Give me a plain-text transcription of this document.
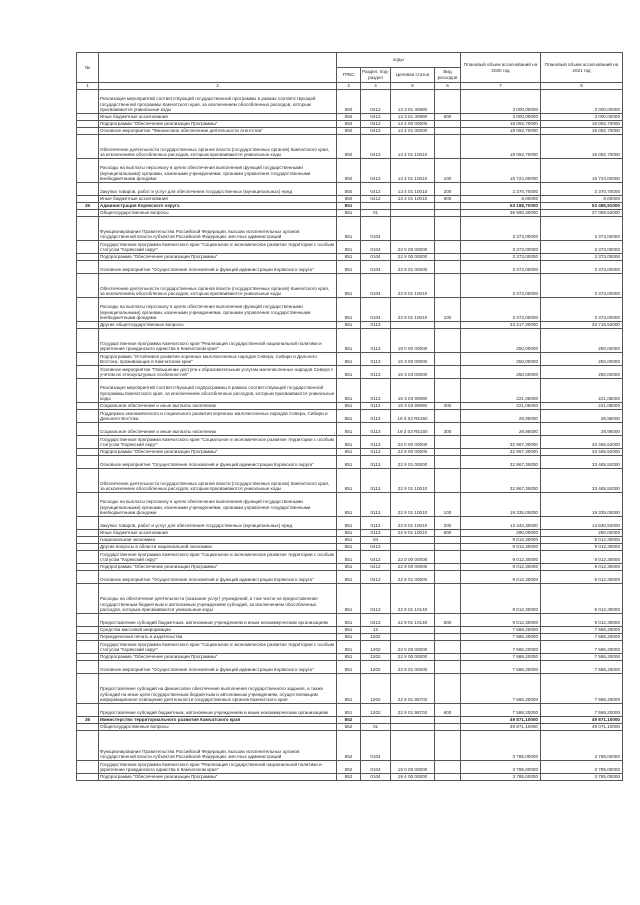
№		коды				Плановый объем ассигнований на 2020 год	Плановый объем ассигнований на 2021 год
		ГРБС	Раздел, под-раздел	Целевая статья	Вид расходов		
1	2	3	4	5	6	7	8
	Реализация мероприятий соответствующей государственной программы в рамках соответствующей государственной программы Камчатского края, за исключением обособленных расходов, которым присваиваются уникальные коды	850	0412	13 3 01 40990		3 000,00000	3 000,00000
	Иные бюджетные ассигнования	850	0412	13 3 01 40990	800	3 000,00000	3 000,00000
	Подпрограмма "Обеспечение реализации Программы"	850	0412	13 4 00 00000		18 092,70000	18 092,70000
	Основное мероприятие "Финансовое обеспечение деятельности Агентства"	850	0412	13 4 01 00000		18 092,70000	18 092,70000
	Обеспечение деятельности государственных органов власти (государственных органов) Камчатского края, за исключением обособленных расходов, которым присваиваются уникальные коды	850	0412	13 4 01 10010		18 092,70000	18 092,70000
	Расходы на выплаты персоналу в целях обеспечения выполнения функций государственными (муниципальными) органами, казенными учреждениями, органами управления государственными внебюджетными фондами	850	0412	13 4 01 10010	100	15 724,00000	15 724,00000
	Закупка товаров, работ и услуг для обеспечения государственных (муниципальных) нужд	850	0412	13 4 01 10010	200	2 370,70000	2 370,70000
	Иные бюджетные ассигнования	850	0412	13 4 01 10010	800	8,00000	8,00000
35	Администрация Корякского округа	851				53 188,70000	53 486,91000
	Общегосударственные вопросы	851	01			36 590,30000	37 088,52000
	Функционирование Правительства Российской Федерации, высших исполнительных органов государственной власти субъектов Российской Федерации, местных администраций	851	0104			3 373,00000	3 373,00000
	Государственная программа Камчатского края "Социальное и экономическое развитие территории с особым статусом "Корякский округ"	851	0104	22 0 00 00000		3 373,00000	3 373,00000
	Подпрограмма "Обеспечение реализации Программы"	851	0104	22 9 00 00000		3 373,00000	3 373,00000
	Основное мероприятие "Осуществление полномочий и функций администрации Корякского округа"	851	0104	22 9 01 00000		3 373,00000	3 373,00000
	Обеспечение деятельности государственных органов власти (государственных органов) Камчатского края, за исключением обособленных расходов, которым присваиваются уникальные коды	851	0104	22 9 01 10010		3 373,00000	3 373,00000
	Расходы на выплаты персоналу в целях обеспечения выполнения функций государственными (муниципальными) органами, казенными учреждениями, органами управления государственными внебюджетными фондами	851	0104	22 9 01 10010	100	3 373,00000	3 373,00000
	Другие общегосударственные вопросы	851	0113			33 217,30000	33 715,52000
	Государственная программа Камчатского края "Реализация государственной национальной политики и укрепление гражданского единства в Камчатском крае"	851	0113	19 0 00 00000		250,00000	250,00000
	Подпрограмма "Устойчивое развитие коренных малочисленных народов Севера, Сибири и Дальнего Востока, проживающих в Камчатском крае"	851	0113	19 3 00 00000		250,00000	250,00000
	Основное мероприятие "Повышение доступа к образовательным услугам малочисленных народов Севера с учетом их этнокультурных особенностей"	851	0113	19 3 03 00000		250,00000	250,00000
	Реализация мероприятий соответствующей подпрограммы в рамках соответствующей государственной программы Камчатского края, за исключением обособленных расходов, которым присваиваются уникальные коды	851	0113	19 3 03 99990		221,05000	221,05000
	Социальное обеспечение и иные выплаты населению	851	0113	19 3 03 99990	300	221,05000	221,05000
	Поддержка экономического и социального развития коренных малочисленных народов Севера, Сибири и Дальнего Востока	851	0113	19 3 03 R5150		28,95000	28,95000
	Социальное обеспечение и иные выплаты населению	851	0113	19 3 03 R5150	300	28,95000	28,95000
	Государственная программа Камчатского края "Социальное и экономическое развитие территории с особым статусом "Корякский округ"	851	0113	22 0 00 00000		32 967,30000	33 465,52000
	Подпрограмма "Обеспечение реализации Программы"	851	0113	22 9 00 00000		32 967,30000	33 465,52000
	Основное мероприятие "Осуществление полномочий и функций администрации Корякского округа"	851	0113	22 9 01 00000		32 967,30000	33 465,52000
	Обеспечение деятельности государственных органов власти (государственных органов) Камчатского края, за исключением обособленных расходов, которым присваиваются уникальные коды	851	0113	22 9 01 10010		32 967,30000	33 465,52000
	Расходы на выплаты персоналу в целях обеспечения выполнения функций государственными (муниципальными) органами, казенными учреждениями, органами управления государственными внебюджетными фондами	851	0113	22 9 01 10010	100	19 335,00000	19 335,00000
	Закупка товаров, работ и услуг для обеспечения государственных (муниципальных) нужд	851	0113	22 9 01 10010	200	13 342,30000	13 840,52000
	Иные бюджетные ассигнования	851	0113	22 9 01 10010	800	290,00000	290,00000
	Национальная экономика	851	04			9 012,30000	9 012,30000
	Другие вопросы в области национальной экономики	851	0412			9 012,30000	9 012,30000
	Государственная программа Камчатского края "Социальное и экономическое развитие территории с особым статусом "Корякский округ"	851	0412	22 0 00 00000		9 012,30000	9 012,30000
	Подпрограмма "Обеспечение реализации Программы"	851	0412	22 9 00 00000		9 012,30000	9 012,30000
	Основное мероприятие "Осуществление полномочий и функций администрации Корякского округа"	851	0412	22 9 01 00000		9 012,30000	9 012,30000
	Расходы на обеспечение деятельности (оказание услуг) учреждений, в том числе на предоставление государственным бюджетным и автономным учреждениям субсидий, за исключением обособленных расходов, которым присваиваются уникальные коды	851	0412	22 9 01 10140		9 012,30000	9 012,30000
	Предоставление субсидий бюджетным, автономным учреждениям и иным некоммерческим организациям	851	0412	22 9 01 10140	600	9 012,30000	9 012,30000
	Средства массовой информации	851	12			7 586,20000	7 586,20000
	Периодическая печать и издательства	851	1202			7 586,20000	7 586,20000
	Государственная программа Камчатского края "Социальное и экономическое развитие территории с особым статусом "Корякский округ"	851	1202	22 0 00 00000		7 586,20000	7 586,20000
	Подпрограмма "Обеспечение реализации Программы"	851	1202	22 9 00 00000		7 586,20000	7 586,20000
	Основное мероприятие "Осуществление полномочий и функций администрации Корякского округа"	851	1202	22 9 01 00000		7 586,20000	7 586,20000
	Предоставление субсидий на финансовое обеспечение выполнения государственного задания, а также субсидий на иные цели государственным бюджетным и автономным учреждениям, осуществляющим информационное освещение деятельности государственных органов Камчатского края	851	1202	22 9 01 98702		7 586,20000	7 586,20000
	Предоставление субсидий бюджетным, автономным учреждениям и иным некоммерческим организациям	851	1202	22 9 01 98702	600	7 586,20000	7 586,20000
36	Министерство территориального развития Камчатского края	852				49 871,10000	49 871,10000
	Общегосударственные вопросы	852	01			49 871,10000	49 071,10000
	Функционирование Правительства Российской Федерации, высших исполнительных органов государственной власти субъектов Российской Федерации, местных администраций	852	0104			3 785,00000	3 785,00000
	Государственная программа Камчатского края "Реализация государственной национальной политики и укрепление гражданского единства в Камчатском крае"	852	0104	19 0 00 00000		3 785,00000	3 785,00000
	Подпрограмма "Обеспечение реализации Программы"	852	0104	19 4 00 00000		3 785,00000	3 785,00000
